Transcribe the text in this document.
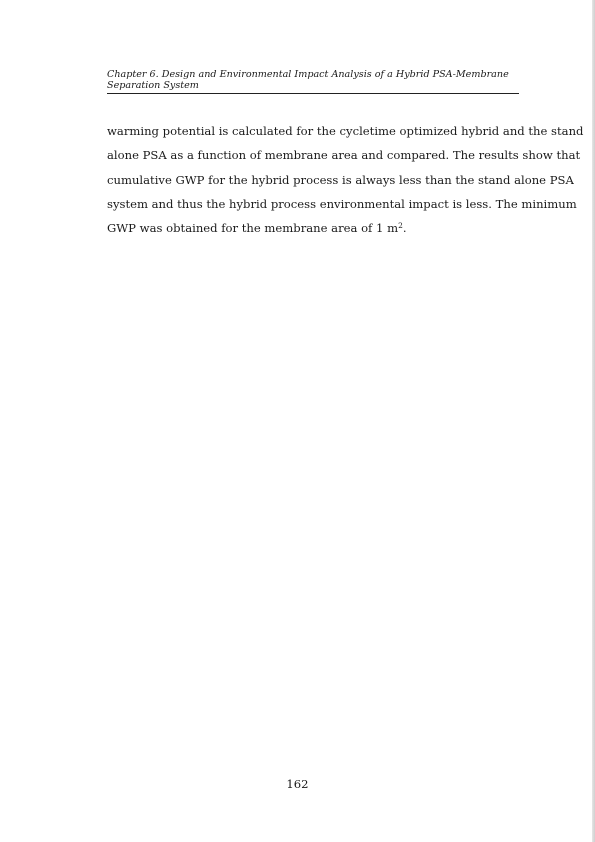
Chapter 6. Design and Environmental Impact Analysis of a Hybrid PSA-Membrane
Separation System
warming potential is calculated for the cycletime optimized hybrid and the stand
alone PSA as a function of membrane area and compared. The results show that
cumulative GWP for the hybrid process is always less than the stand alone PSA
system and thus the hybrid process environmental impact is less. The minimum
GWP was obtained for the membrane area of 1 $m^2$.
162
